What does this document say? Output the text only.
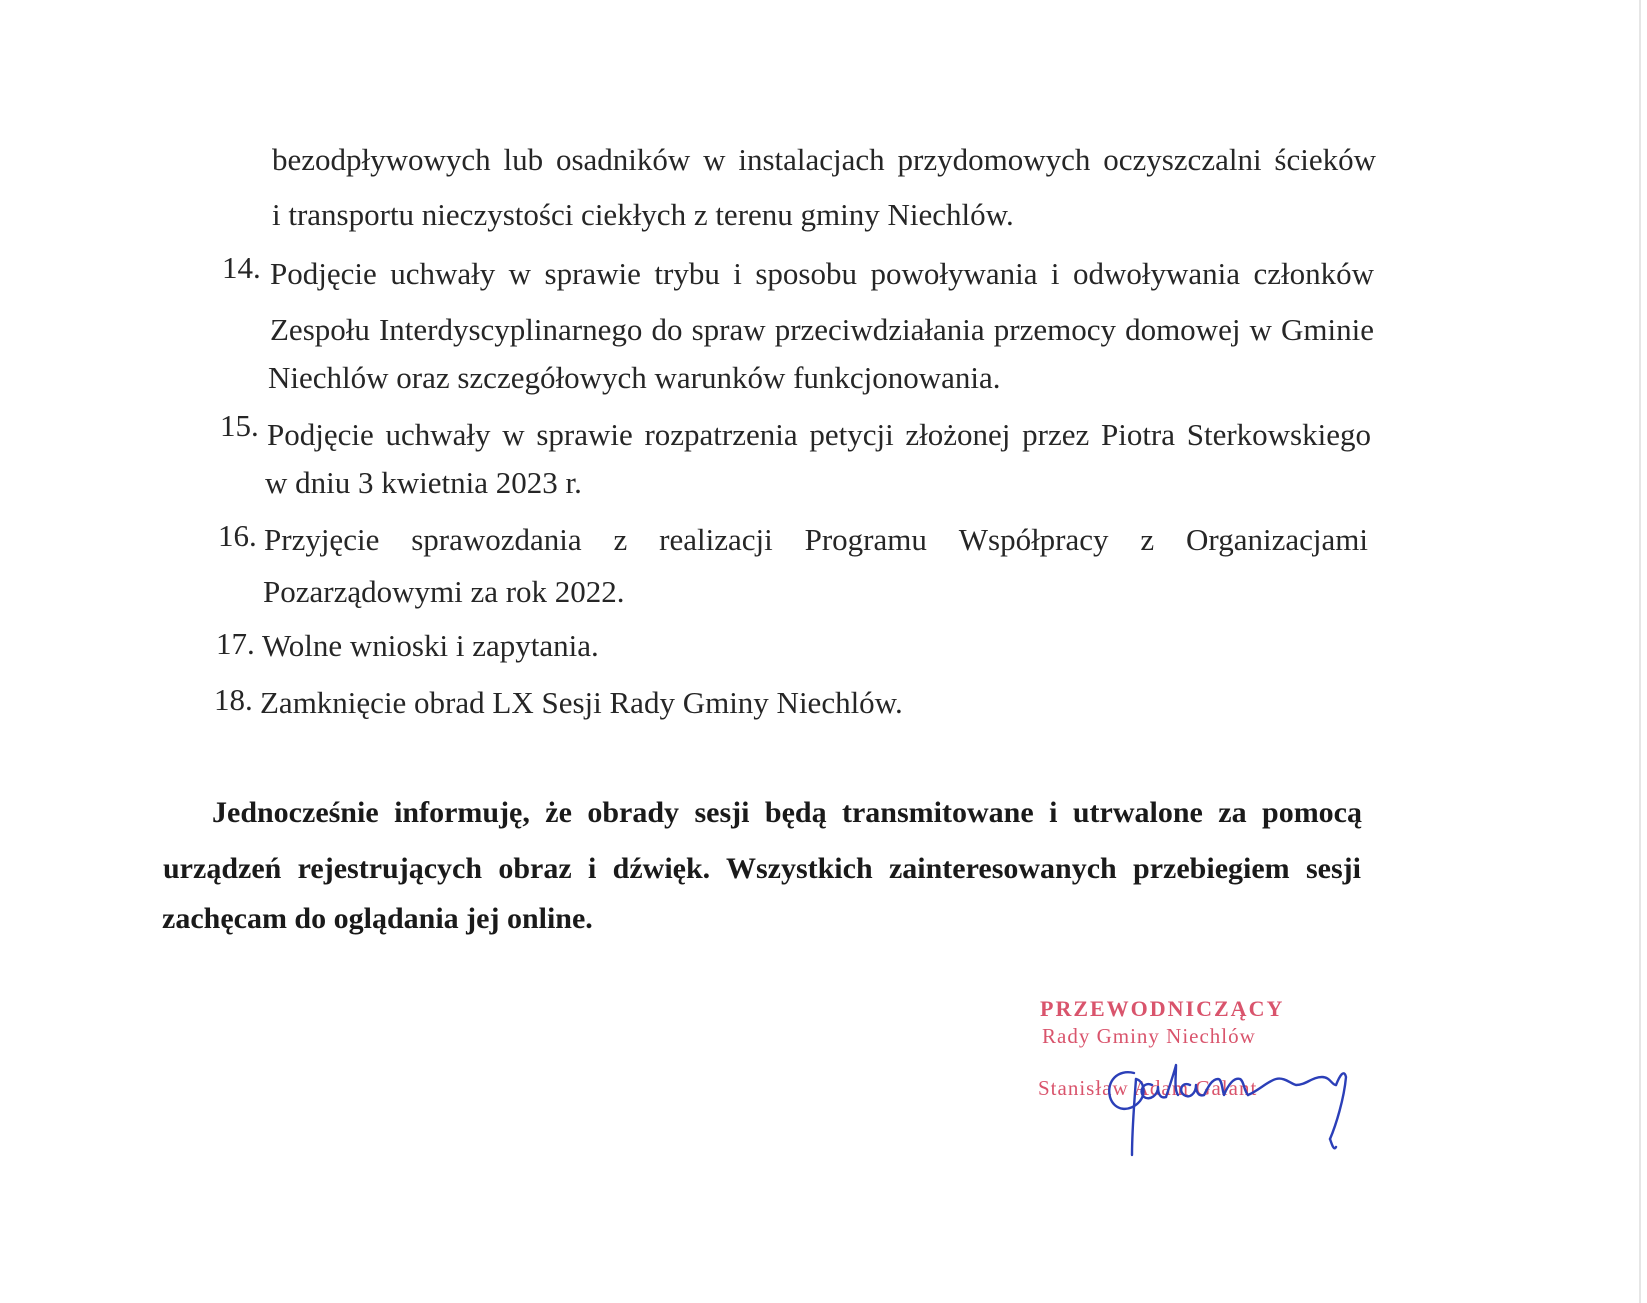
bezodpływowych lub osadników w instalacjach przydomowych oczyszczalni ścieków
i transportu nieczystości ciekłych z terenu gminy Niechlów.
14. Podjęcie uchwały w sprawie trybu i sposobu powoływania i odwoływania członków
Zespołu Interdyscyplinarnego do spraw przeciwdziałania przemocy domowej w Gminie
Niechlów oraz szczegółowych warunków funkcjonowania.
15. Podjęcie uchwały w sprawie rozpatrzenia petycji złożonej przez Piotra Sterkowskiego
w dniu 3 kwietnia 2023 r.
16. Przyjęcie sprawozdania z realizacji Programu Współpracy z Organizacjami
Pozarządowymi za rok 2022.
17. Wolne wnioski i zapytania.
18. Zamknięcie obrad LX Sesji Rady Gminy Niechlów.
Jednocześnie informuję, że obrady sesji będą transmitowane i utrwalone za pomocą
urządzeń rejestrujących obraz i dźwięk. Wszystkich zainteresowanych przebiegiem sesji
zachęcam do oglądania jej online.
PRZEWODNICZĄCY
Rady Gminy Niechlów
Stanisław Adam Galant
